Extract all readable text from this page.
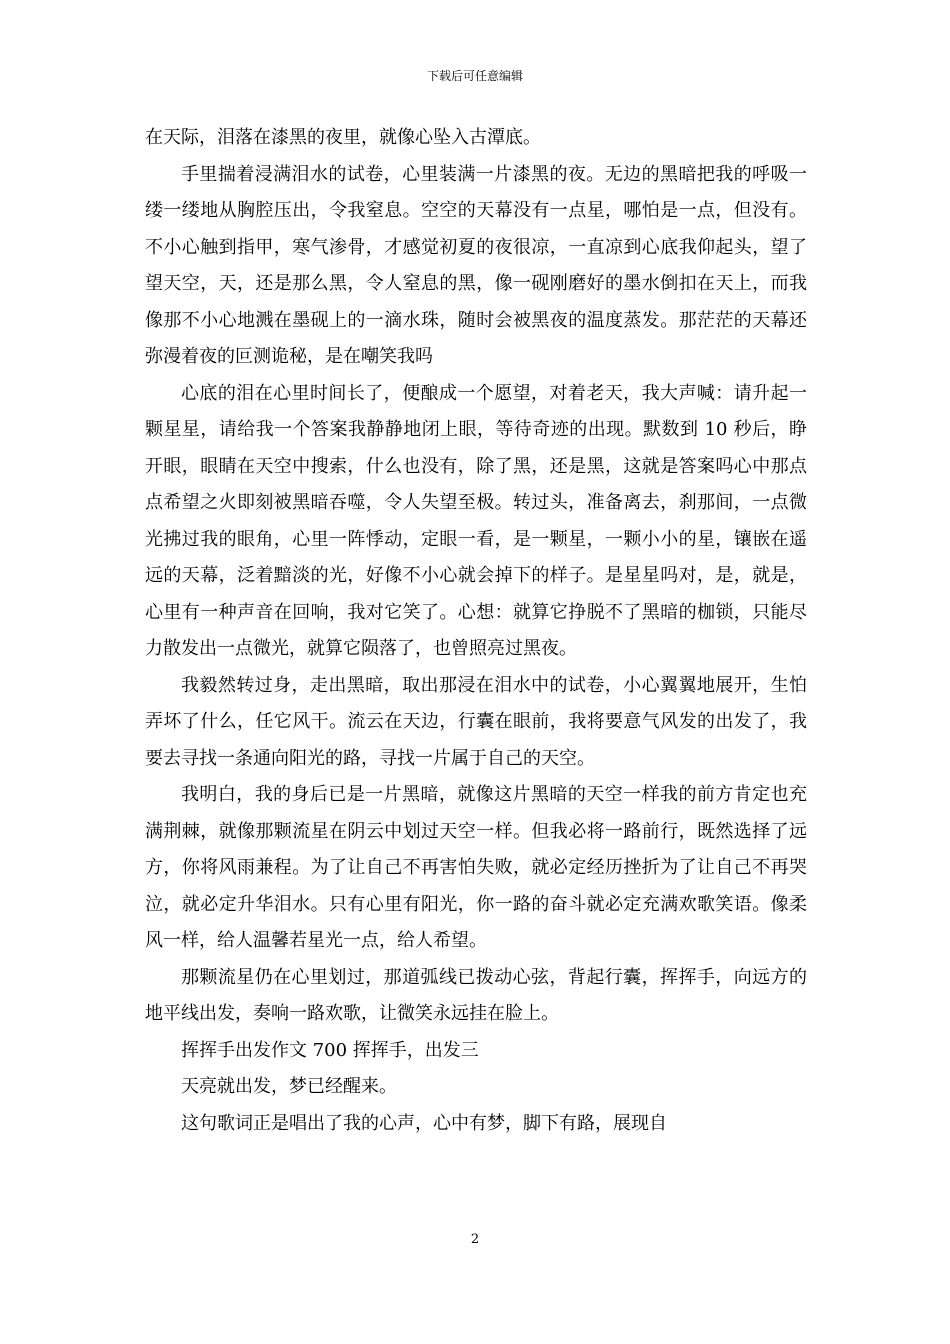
下载后可任意编辑

在天际，泪落在漆黑的夜里，就像心坠入古潭底。

手里揣着浸满泪水的试卷，心里装满一片漆黑的夜。无边的黑暗把我的呼吸一缕一缕地从胸腔压出，令我窒息。空空的天幕没有一点星，哪怕是一点，但没有。不小心触到指甲，寒气渗骨，才感觉初夏的夜很凉，一直凉到心底我仰起头，望了望天空，天，还是那么黑，令人窒息的黑，像一砚刚磨好的墨水倒扣在天上，而我像那不小心地溅在墨砚上的一滴水珠，随时会被黑夜的温度蒸发。那茫茫的天幕还弥漫着夜的叵测诡秘，是在嘲笑我吗

心底的泪在心里时间长了，便酿成一个愿望，对着老天，我大声喊：请升起一颗星星，请给我一个答案我静静地闭上眼，等待奇迹的出现。默数到 10 秒后，睁开眼，眼睛在天空中搜索，什么也没有，除了黑，还是黑，这就是答案吗心中那点点希望之火即刻被黑暗吞噬，令人失望至极。转过头，准备离去，刹那间，一点微光拂过我的眼角，心里一阵悸动，定眼一看，是一颗星，一颗小小的星，镶嵌在遥远的天幕，泛着黯淡的光，好像不小心就会掉下的样子。是星星吗对，是，就是，心里有一种声音在回响，我对它笑了。心想：就算它挣脱不了黑暗的枷锁，只能尽力散发出一点微光，就算它陨落了，也曾照亮过黑夜。

我毅然转过身，走出黑暗，取出那浸在泪水中的试卷，小心翼翼地展开，生怕弄坏了什么，任它风干。流云在天边，行囊在眼前，我将要意气风发的出发了，我要去寻找一条通向阳光的路，寻找一片属于自己的天空。

我明白，我的身后已是一片黑暗，就像这片黑暗的天空一样我的前方肯定也充满荆棘，就像那颗流星在阴云中划过天空一样。但我必将一路前行，既然选择了远方，你将风雨兼程。为了让自己不再害怕失败，就必定经历挫折为了让自己不再哭泣，就必定升华泪水。只有心里有阳光，你一路的奋斗就必定充满欢歌笑语。像柔风一样，给人温馨若星光一点，给人希望。

那颗流星仍在心里划过，那道弧线已拨动心弦，背起行囊，挥挥手，向远方的地平线出发，奏响一路欢歌，让微笑永远挂在脸上。

挥挥手出发作文 700 挥挥手，出发三

天亮就出发，梦已经醒来。

这句歌词正是唱出了我的心声，心中有梦，脚下有路，展现自

2
